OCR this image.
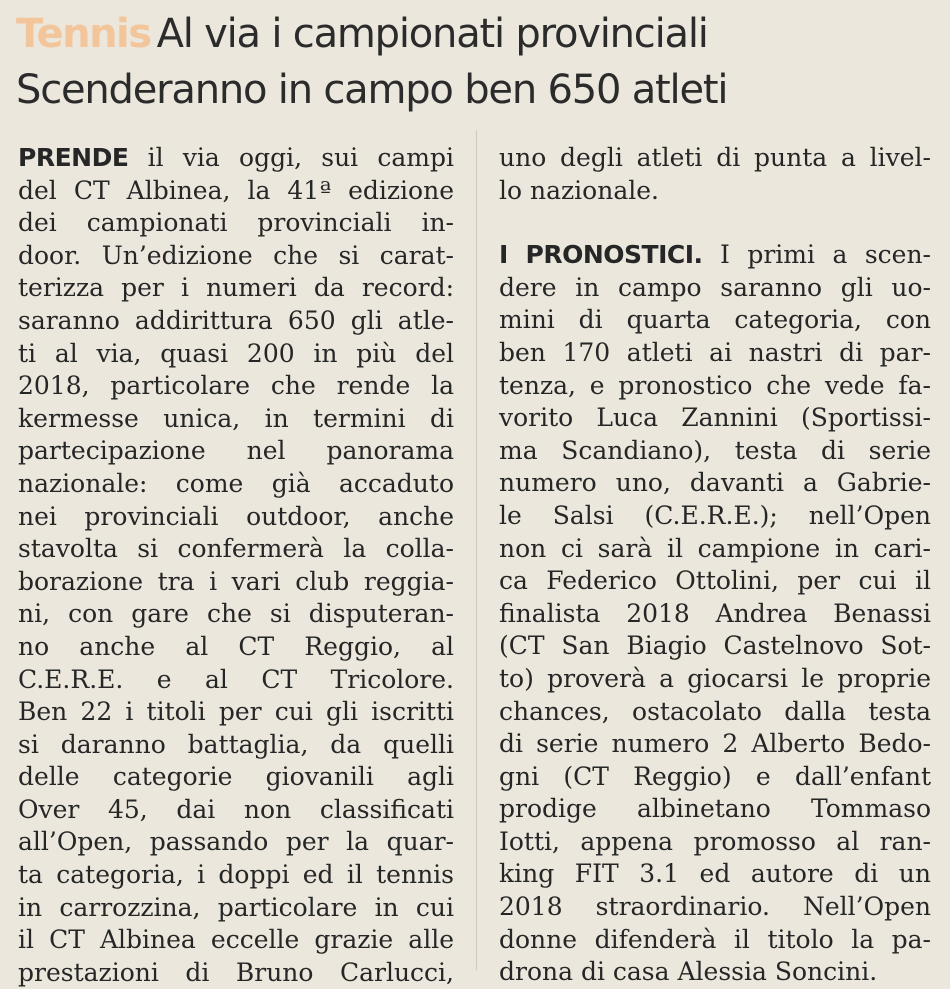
Tennis Al via i campionati provinciali
Scenderanno in campo ben 650 atleti
PRENDE il via oggi, sui campi
del CT Albinea, la 41ª edizione
dei campionati provinciali in-
door. Un’edizione che si carat-
terizza per i numeri da record:
saranno addirittura 650 gli atle-
ti al via, quasi 200 in più del
2018, particolare che rende la
kermesse unica, in termini di
partecipazione nel panorama
nazionale: come già accaduto
nei provinciali outdoor, anche
stavolta si confermerà la colla-
borazione tra i vari club reggia-
ni, con gare che si disputeran-
no anche al CT Reggio, al
C.E.R.E. e al CT Tricolore.
Ben 22 i titoli per cui gli iscritti
si daranno battaglia, da quelli
delle categorie giovanili agli
Over 45, dai non classificati
all’Open, passando per la quar-
ta categoria, i doppi ed il tennis
in carrozzina, particolare in cui
il CT Albinea eccelle grazie alle
prestazioni di Bruno Carlucci,
uno degli atleti di punta a livel-
lo nazionale.
I PRONOSTICI. I primi a scen-
dere in campo saranno gli uo-
mini di quarta categoria, con
ben 170 atleti ai nastri di par-
tenza, e pronostico che vede fa-
vorito Luca Zannini (Sportissi-
ma Scandiano), testa di serie
numero uno, davanti a Gabrie-
le Salsi (C.E.R.E.); nell’Open
non ci sarà il campione in cari-
ca Federico Ottolini, per cui il
finalista 2018 Andrea Benassi
(CT San Biagio Castelnovo Sot-
to) proverà a giocarsi le proprie
chances, ostacolato dalla testa
di serie numero 2 Alberto Bedo-
gni (CT Reggio) e dall’enfant
prodige albinetano Tommaso
Iotti, appena promosso al ran-
king FIT 3.1 ed autore di un
2018 straordinario. Nell’Open
donne difenderà il titolo la pa-
drona di casa Alessia Soncini.
